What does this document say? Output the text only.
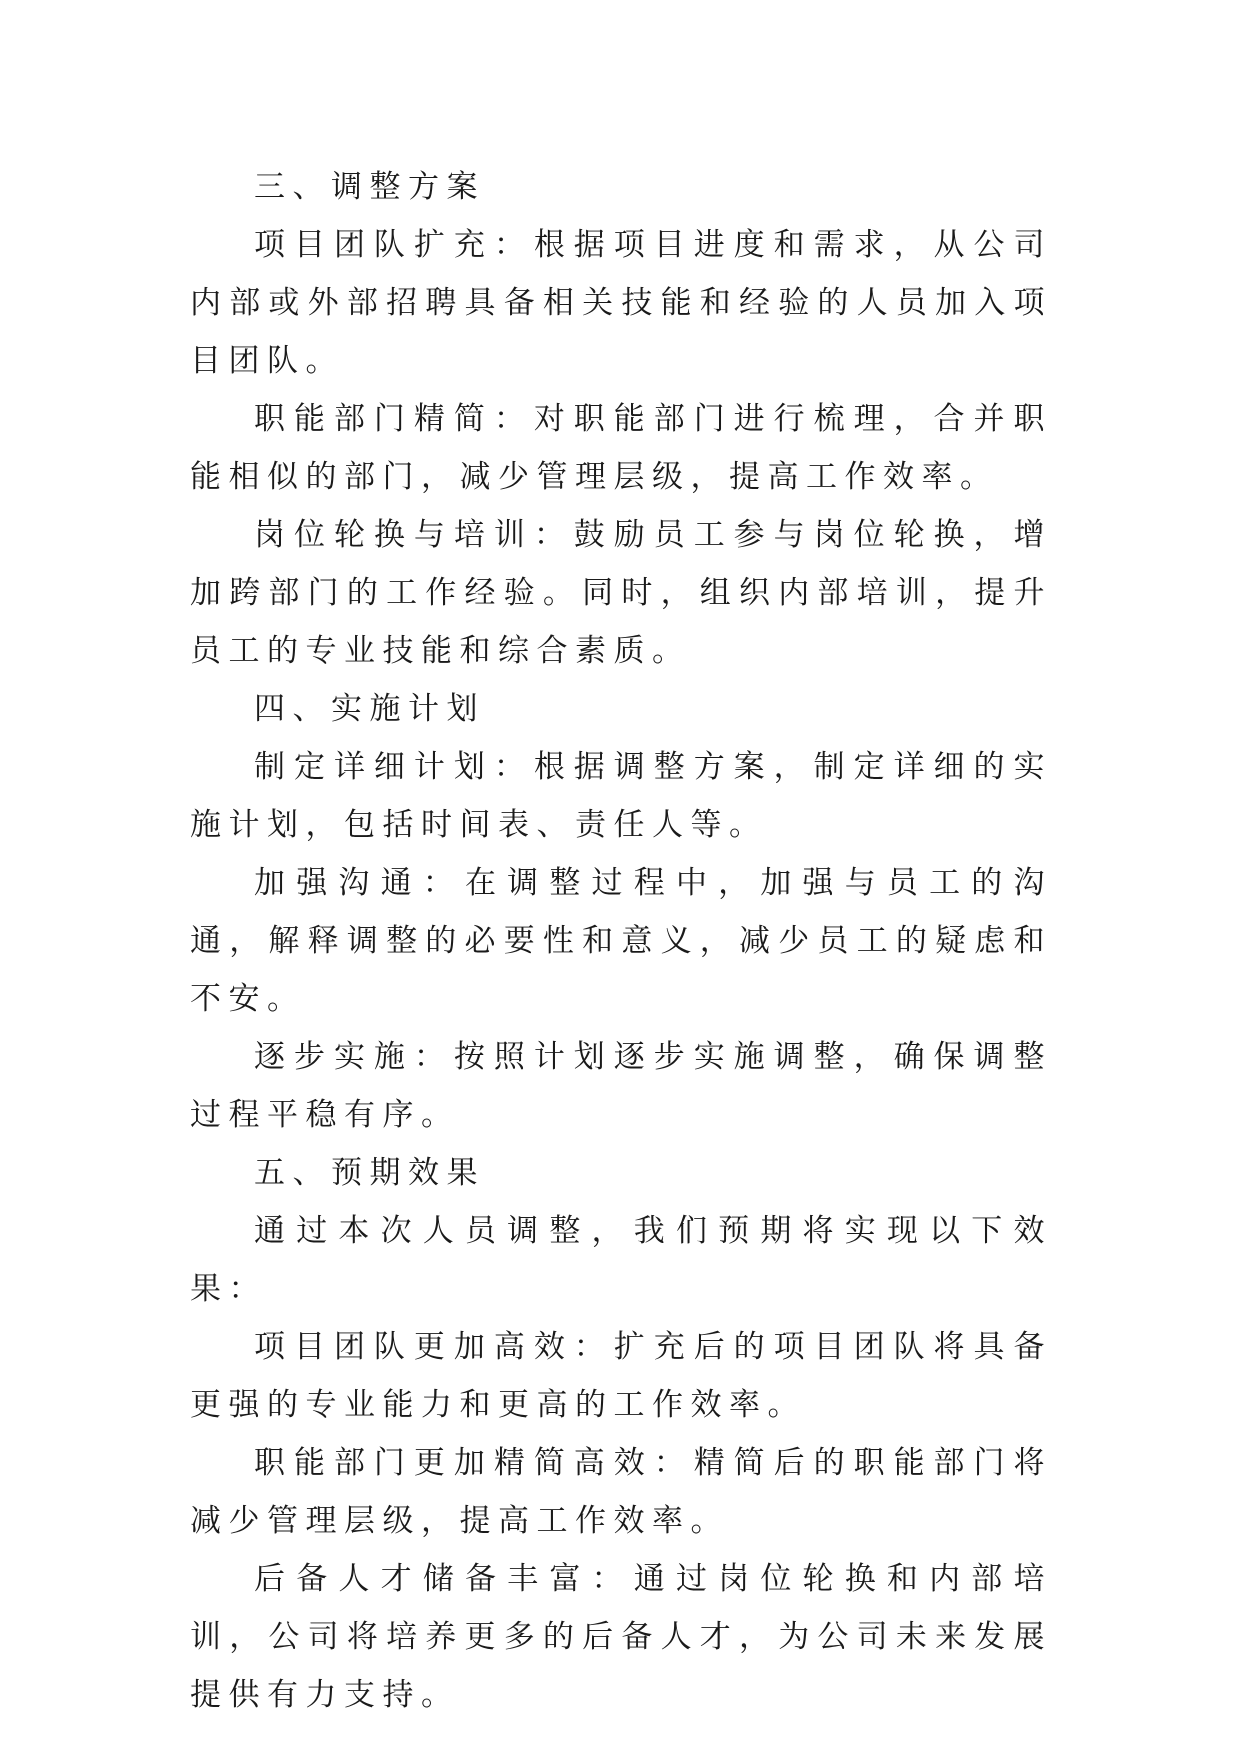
三、调整方案

项目团队扩充：根据项目进度和需求，从公司内部或外部招聘具备相关技能和经验的人员加入项目团队。

职能部门精简：对职能部门进行梳理，合并职能相似的部门，减少管理层级，提高工作效率。

岗位轮换与培训：鼓励员工参与岗位轮换，增加跨部门的工作经验。同时，组织内部培训，提升员工的专业技能和综合素质。

四、实施计划

制定详细计划：根据调整方案，制定详细的实施计划，包括时间表、责任人等。

加强沟通：在调整过程中，加强与员工的沟通，解释调整的必要性和意义，减少员工的疑虑和不安。

逐步实施：按照计划逐步实施调整，确保调整过程平稳有序。

五、预期效果

通过本次人员调整，我们预期将实现以下效果：

项目团队更加高效：扩充后的项目团队将具备更强的专业能力和更高的工作效率。

职能部门更加精简高效：精简后的职能部门将减少管理层级，提高工作效率。

后备人才储备丰富：通过岗位轮换和内部培训，公司将培养更多的后备人才，为公司未来发展提供有力支持。
